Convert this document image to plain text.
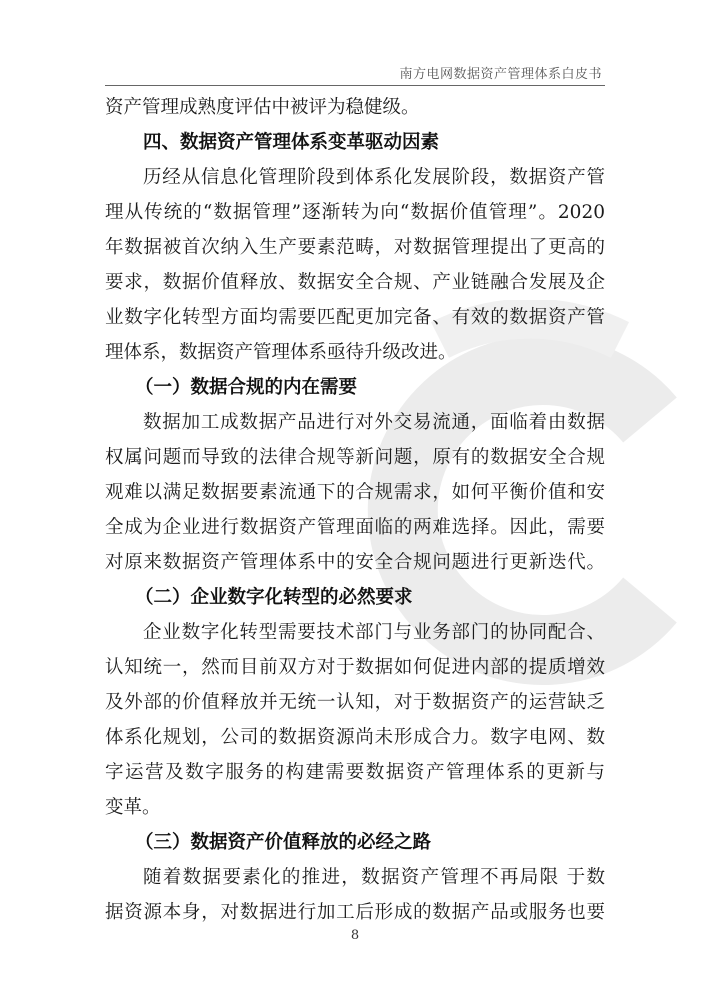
南方电网数据资产管理体系白皮书
资产管理成熟度评估中被评为稳健级。
四、数据资产管理体系变革驱动因素
历经从信息化管理阶段到体系化发展阶段，数据资产管
理从传统的“数据管理”逐渐转为向“数据价值管理”。2020
年数据被首次纳入生产要素范畴，对数据管理提出了更高的
要求，数据价值释放、数据安全合规、产业链融合发展及企
业数字化转型方面均需要匹配更加完备、有效的数据资产管
理体系，数据资产管理体系亟待升级改进。
（一）数据合规的内在需要
数据加工成数据产品进行对外交易流通，面临着由数据
权属问题而导致的法律合规等新问题，原有的数据安全合规
观难以满足数据要素流通下的合规需求，如何平衡价值和安
全成为企业进行数据资产管理面临的两难选择。因此，需要
对原来数据资产管理体系中的安全合规问题进行更新迭代。
（二）企业数字化转型的必然要求
企业数字化转型需要技术部门与业务部门的协同配合、
认知统一，然而目前双方对于数据如何促进内部的提质增效
及外部的价值释放并无统一认知，对于数据资产的运营缺乏
体系化规划，公司的数据资源尚未形成合力。数字电网、数
字运营及数字服务的构建需要数据资产管理体系的更新与
变革。
（三）数据资产价值释放的必经之路
随着数据要素化的推进，数据资产管理不再局限 于数
据资源本身，对数据进行加工后形成的数据产品或服务也要
8
